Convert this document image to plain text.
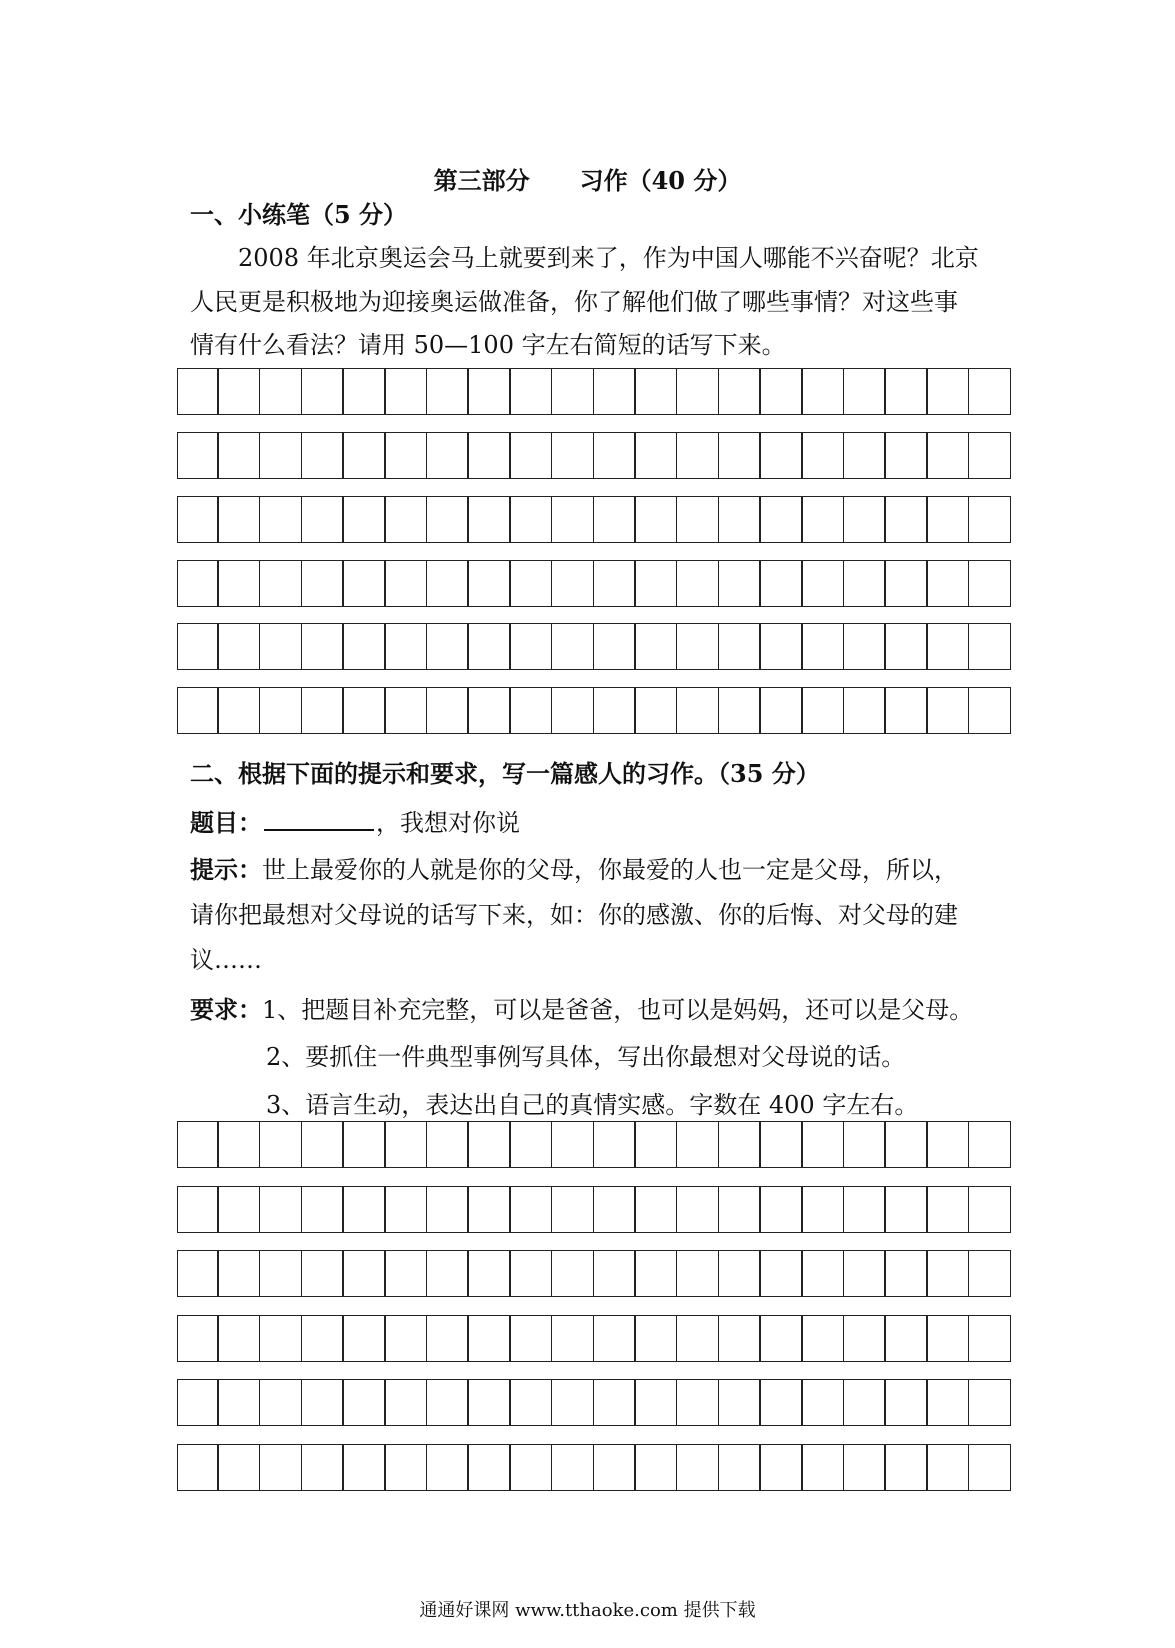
第三部分 习作（40 分）
一、小练笔（5 分）
2008 年北京奥运会马上就要到来了，作为中国人哪能不兴奋呢？北京
人民更是积极地为迎接奥运做准备，你了解他们做了哪些事情？对这些事
情有什么看法？请用 50—100 字左右简短的话写下来。
二、根据下面的提示和要求，写一篇感人的习作。（35 分）
题目：	，我想对你说
提示：世上最爱你的人就是你的父母，你最爱的人也一定是父母，所以，
请你把最想对父母说的话写下来，如：你的感激、你的后悔、对父母的建
议……
要求：1、把题目补充完整，可以是爸爸，也可以是妈妈，还可以是父母。
2、要抓住一件典型事例写具体，写出你最想对父母说的话。
3、语言生动，表达出自己的真情实感。字数在 400 字左右。
通通好课网 www.tthaoke.com 提供下载
